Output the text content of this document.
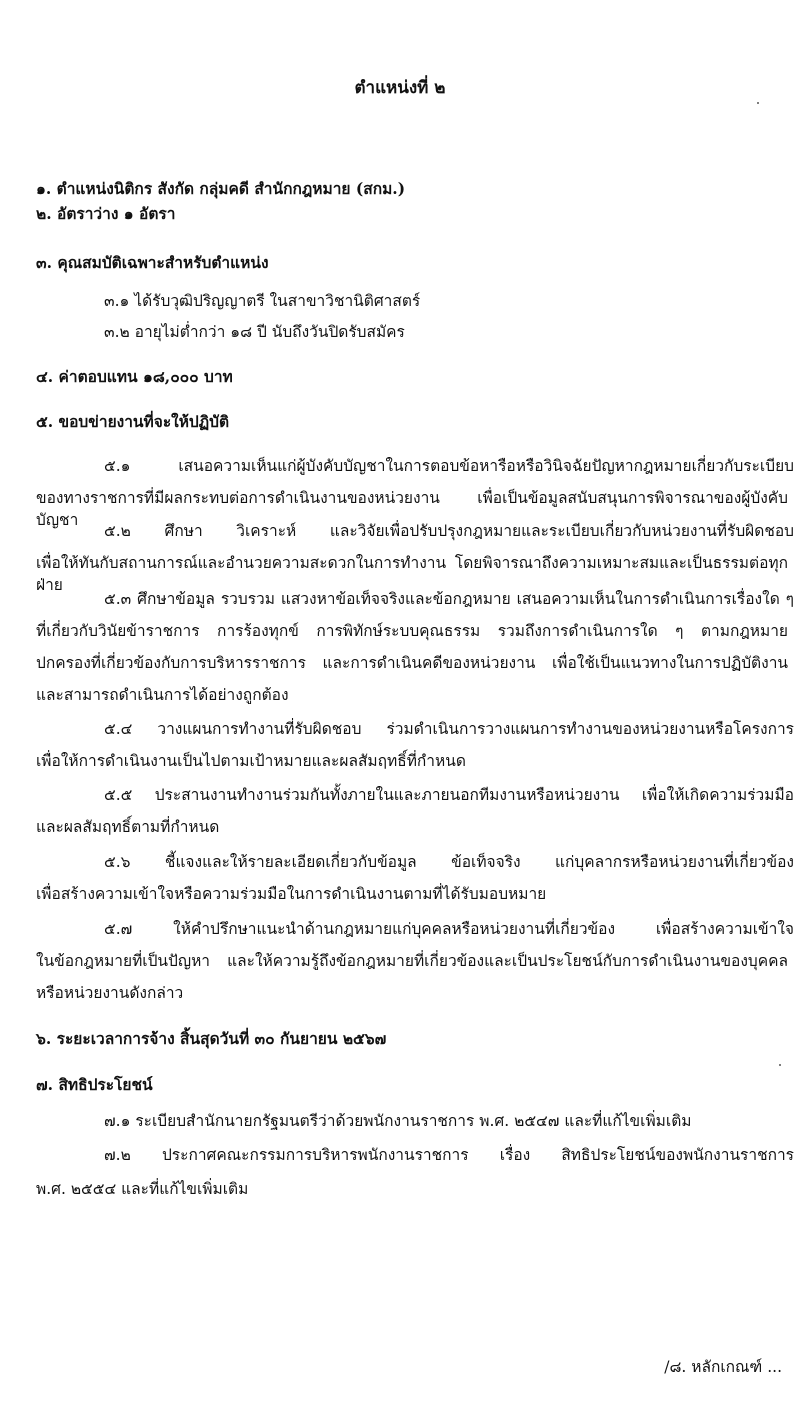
ตำแหน่งที่ ๒
๑. ตำแหน่งนิติกร สังกัด กลุ่มคดี สำนักกฎหมาย (สกม.)
๒. อัตราว่าง ๑ อัตรา
๓. คุณสมบัติเฉพาะสำหรับตำแหน่ง
๓.๑ ได้รับวุฒิปริญญาตรี ในสาขาวิชานิติศาสตร์
๓.๒ อายุไม่ต่ำกว่า ๑๘ ปี นับถึงวันปิดรับสมัคร
๔. ค่าตอบแทน ๑๘,๐๐๐ บาท
๕. ขอบข่ายงานที่จะให้ปฏิบัติ
๕.๑ เสนอความเห็นแก่ผู้บังคับบัญชาในการตอบข้อหารือหรือวินิจฉัยปัญหากฎหมายเกี่ยวกับระเบียบ
ของทางราชการที่มีผลกระทบต่อการดำเนินงานของหน่วยงาน เพื่อเป็นข้อมูลสนับสนุนการพิจารณาของผู้บังคับบัญชา
๕.๒ ศึกษา วิเคราะห์ และวิจัยเพื่อปรับปรุงกฎหมายและระเบียบเกี่ยวกับหน่วยงานที่รับผิดชอบ
เพื่อให้ทันกับสถานการณ์และอำนวยความสะดวกในการทำงาน โดยพิจารณาถึงความเหมาะสมและเป็นธรรมต่อทุกฝ่าย
๕.๓ ศึกษาข้อมูล รวบรวม แสวงหาข้อเท็จจริงและข้อกฎหมาย เสนอความเห็นในการดำเนินการเรื่องใด ๆ
ที่เกี่ยวกับวินัยข้าราชการ การร้องทุกข์ การพิทักษ์ระบบคุณธรรม รวมถึงการดำเนินการใด ๆ ตามกฎหมาย
ปกครองที่เกี่ยวข้องกับการบริหารราชการ และการดำเนินคดีของหน่วยงาน เพื่อใช้เป็นแนวทางในการปฏิบัติงาน
และสามารถดำเนินการได้อย่างถูกต้อง
๕.๔ วางแผนการทำงานที่รับผิดชอบ ร่วมดำเนินการวางแผนการทำงานของหน่วยงานหรือโครงการ
เพื่อให้การดำเนินงานเป็นไปตามเป้าหมายและผลสัมฤทธิ์ที่กำหนด
๕.๕ ประสานงานทำงานร่วมกันทั้งภายในและภายนอกทีมงานหรือหน่วยงาน เพื่อให้เกิดความร่วมมือ
และผลสัมฤทธิ์ตามที่กำหนด
๕.๖ ชี้แจงและให้รายละเอียดเกี่ยวกับข้อมูล ข้อเท็จจริง แก่บุคลากรหรือหน่วยงานที่เกี่ยวข้อง
เพื่อสร้างความเข้าใจหรือความร่วมมือในการดำเนินงานตามที่ได้รับมอบหมาย
๕.๗ ให้คำปรึกษาแนะนำด้านกฎหมายแก่บุคคลหรือหน่วยงานที่เกี่ยวข้อง เพื่อสร้างความเข้าใจ
ในข้อกฎหมายที่เป็นปัญหา และให้ความรู้ถึงข้อกฎหมายที่เกี่ยวข้องและเป็นประโยชน์กับการดำเนินงานของบุคคล
หรือหน่วยงานดังกล่าว
๖. ระยะเวลาการจ้าง สิ้นสุดวันที่ ๓๐ กันยายน ๒๕๖๗
๗. สิทธิประโยชน์
๗.๑ ระเบียบสำนักนายกรัฐมนตรีว่าด้วยพนักงานราชการ พ.ศ. ๒๕๔๗ และที่แก้ไขเพิ่มเติม
๗.๒ ประกาศคณะกรรมการบริหารพนักงานราชการ เรื่อง สิทธิประโยชน์ของพนักงานราชการ
พ.ศ. ๒๕๕๔ และที่แก้ไขเพิ่มเติม
/๘. หลักเกณฑ์ ...
